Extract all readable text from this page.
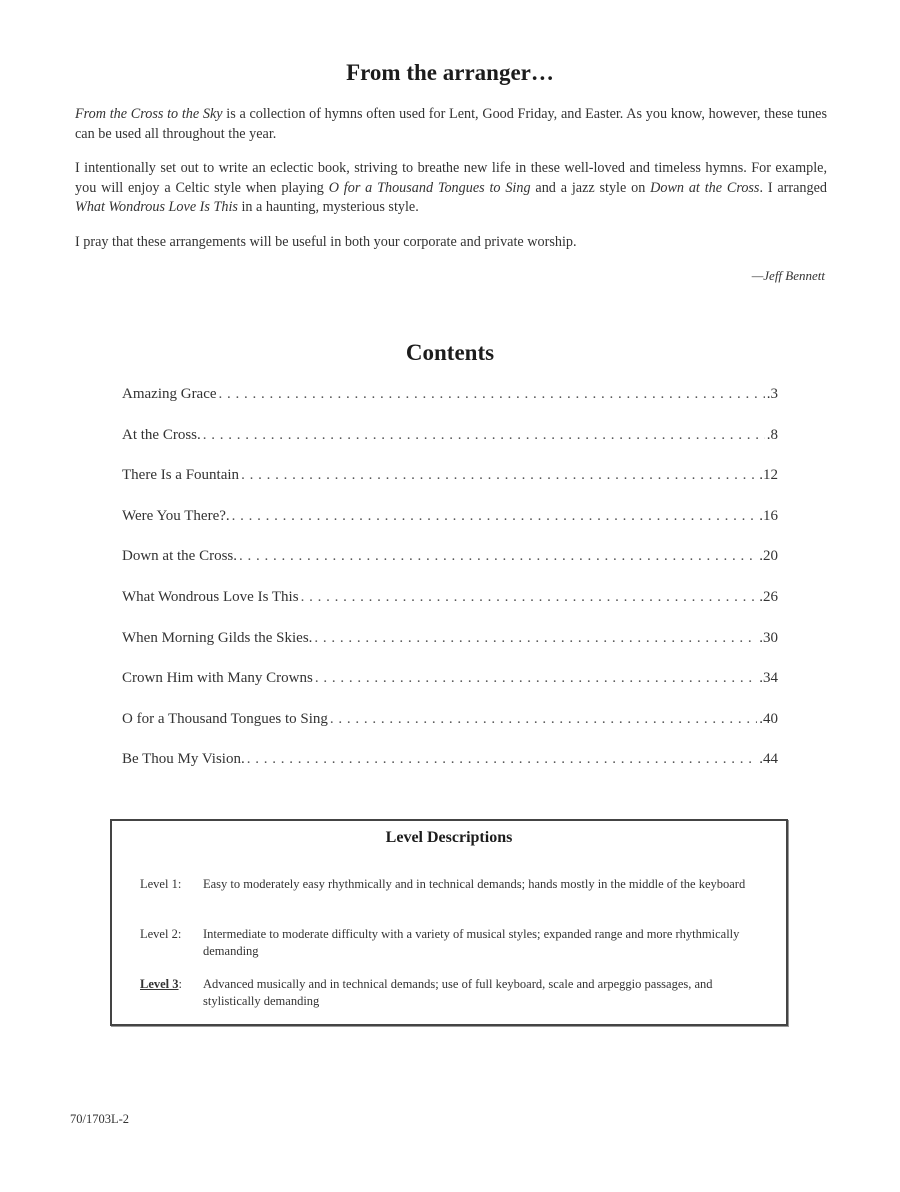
From the arranger…

From the Cross to the Sky is a collection of hymns often used for Lent, Good Friday, and Easter. As you know, however, these tunes can be used all throughout the year.

I intentionally set out to write an eclectic book, striving to breathe new life in these well-loved and timeless hymns. For example, you will enjoy a Celtic style when playing O for a Thousand Tongues to Sing and a jazz style on Down at the Cross. I arranged What Wondrous Love Is This in a haunting, mysterious style.

I pray that these arrangements will be useful in both your corporate and private worship.

—Jeff Bennett
Contents
Amazing Grace . . .	.3
At the Cross. . . .	.8
There Is a Fountain . . .	.12
Were You There?. . . .	.16
Down at the Cross. . . .	.20
What Wondrous Love Is This . . .	.26
When Morning Gilds the Skies. . . .	.30
Crown Him with Many Crowns . . .	.34
O for a Thousand Tongues to Sing . . .	.40
Be Thou My Vision. . . .	.44
Level Descriptions
Level 1:	Easy to moderately easy rhythmically and in technical demands; hands mostly in the middle of the keyboard
Level 2:	Intermediate to moderate difficulty with a variety of musical styles; expanded range and more rhythmically demanding
Level 3:	Advanced musically and in technical demands; use of full keyboard, scale and arpeggio passages, and stylistically demanding
70/1703L-2
